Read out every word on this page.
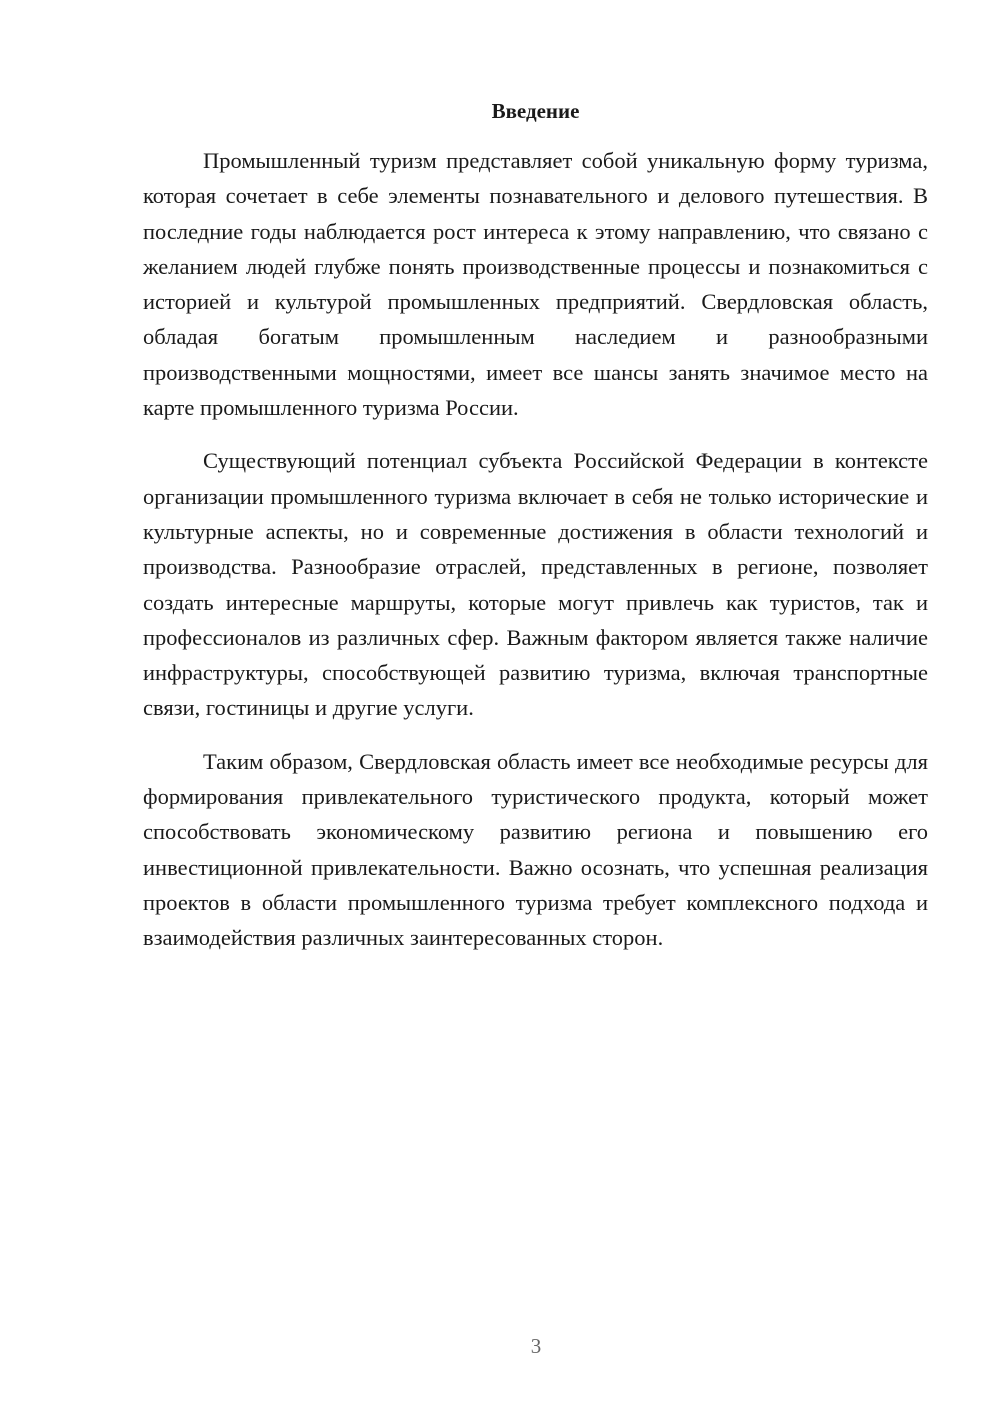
Введение

Промышленный туризм представляет собой уникальную форму туризма, которая сочетает в себе элементы познавательного и делового путешествия. В последние годы наблюдается рост интереса к этому направлению, что связано с желанием людей глубже понять производственные процессы и познакомиться с историей и культурой промышленных предприятий. Свердловская область, обладая богатым промышленным наследием и разнообразными производственными мощностями, имеет все шансы занять значимое место на карте промышленного туризма России.

Существующий потенциал субъекта Российской Федерации в контексте организации промышленного туризма включает в себя не только исторические и культурные аспекты, но и современные достижения в области технологий и производства. Разнообразие отраслей, представленных в регионе, позволяет создать интересные маршруты, которые могут привлечь как туристов, так и профессионалов из различных сфер. Важным фактором является также наличие инфраструктуры, способствующей развитию туризма, включая транспортные связи, гостиницы и другие услуги.

Таким образом, Свердловская область имеет все необходимые ресурсы для формирования привлекательного туристического продукта, который может способствовать экономическому развитию региона и повышению его инвестиционной привлекательности. Важно осознать, что успешная реализация проектов в области промышленного туризма требует комплексного подхода и взаимодействия различных заинтересованных сторон.

3
